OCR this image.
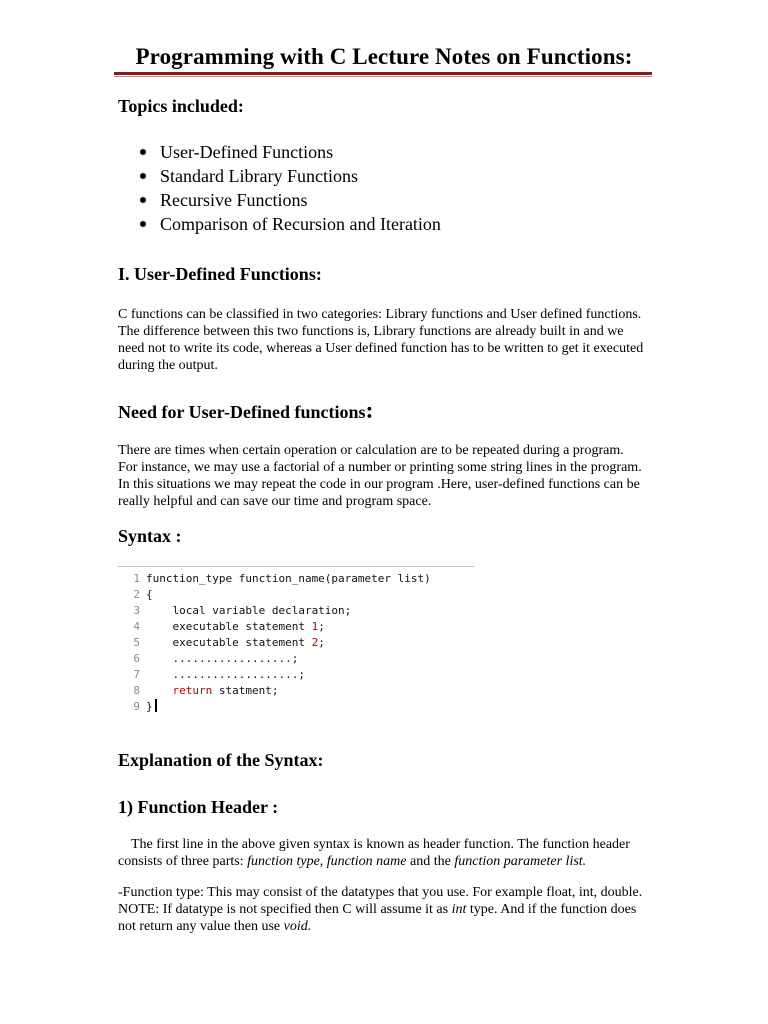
Programming with C Lecture Notes on Functions:
Topics included:
User-Defined Functions
Standard Library Functions
Recursive Functions
Comparison of Recursion and Iteration
I. User-Defined Functions:

C functions can be classified in two categories: Library functions and User defined functions.

The difference between this two functions is, Library functions are already built in and we

need not to write its code, whereas a User defined function has to be written to get it executed

during the output.

Need for User-Defined functions:

There are times when certain operation or calculation are to be repeated during a program.

For instance, we may use a factorial of a number or printing some string lines in the program.

In this situations we may repeat the code in our program .Here, user-defined functions can be

really helpful and can save our time and program space.

Syntax :
1 function_type function_name(parameter list)
2 {
3    local variable declaration;
4    executable statement 1;
5    executable statement 2;
6    ..................;
7    ...................;
8	return statment;
9 }
Explanation of the Syntax:
1) Function Header :

The first line in the above given syntax is known as header function. The function header

consists of three parts: function type, function name and the function parameter list.

-Function type: This may consist of the datatypes that you use. For example float, int, double.

NOTE: If datatype is not specified then C will assume it as int type. And if the function does

not return any value then use void.
